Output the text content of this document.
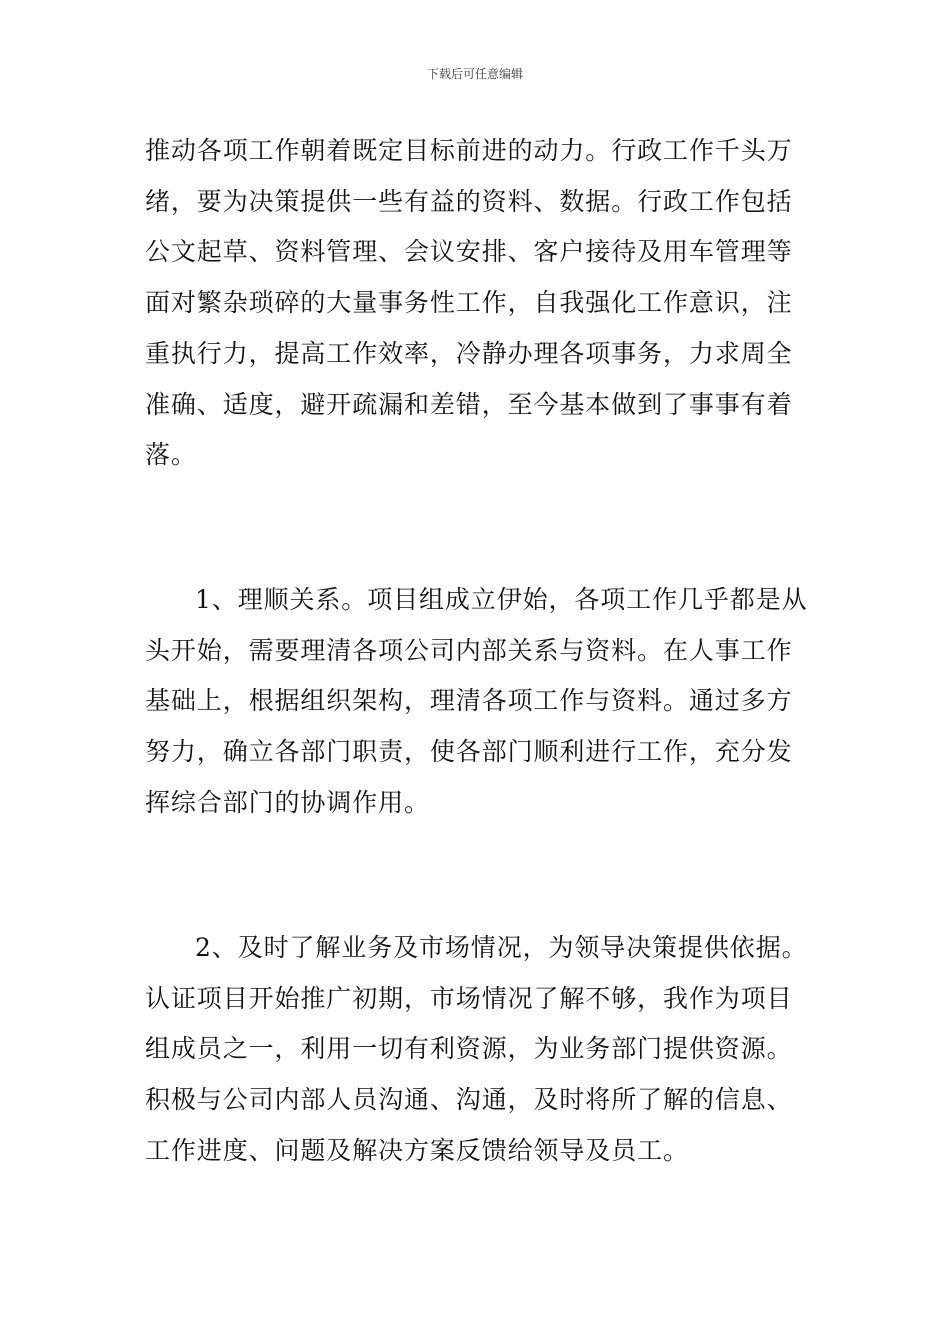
下载后可任意编辑
推动各项工作朝着既定目标前进的动力。行政工作千头万
绪，要为决策提供一些有益的资料、数据。行政工作包括
公文起草、资料管理、会议安排、客户接待及用车管理等
面对繁杂琐碎的大量事务性工作，自我强化工作意识，注
重执行力，提高工作效率，冷静办理各项事务，力求周全
准确、适度，避开疏漏和差错，至今基本做到了事事有着
落。
1、理顺关系。项目组成立伊始，各项工作几乎都是从
头开始，需要理清各项公司内部关系与资料。在人事工作
基础上，根据组织架构，理清各项工作与资料。通过多方
努力，确立各部门职责，使各部门顺利进行工作，充分发
挥综合部门的协调作用。
2、及时了解业务及市场情况，为领导决策提供依据。
认证项目开始推广初期，市场情况了解不够，我作为项目
组成员之一，利用一切有利资源，为业务部门提供资源。
积极与公司内部人员沟通、沟通，及时将所了解的信息、
工作进度、问题及解决方案反馈给领导及员工。
